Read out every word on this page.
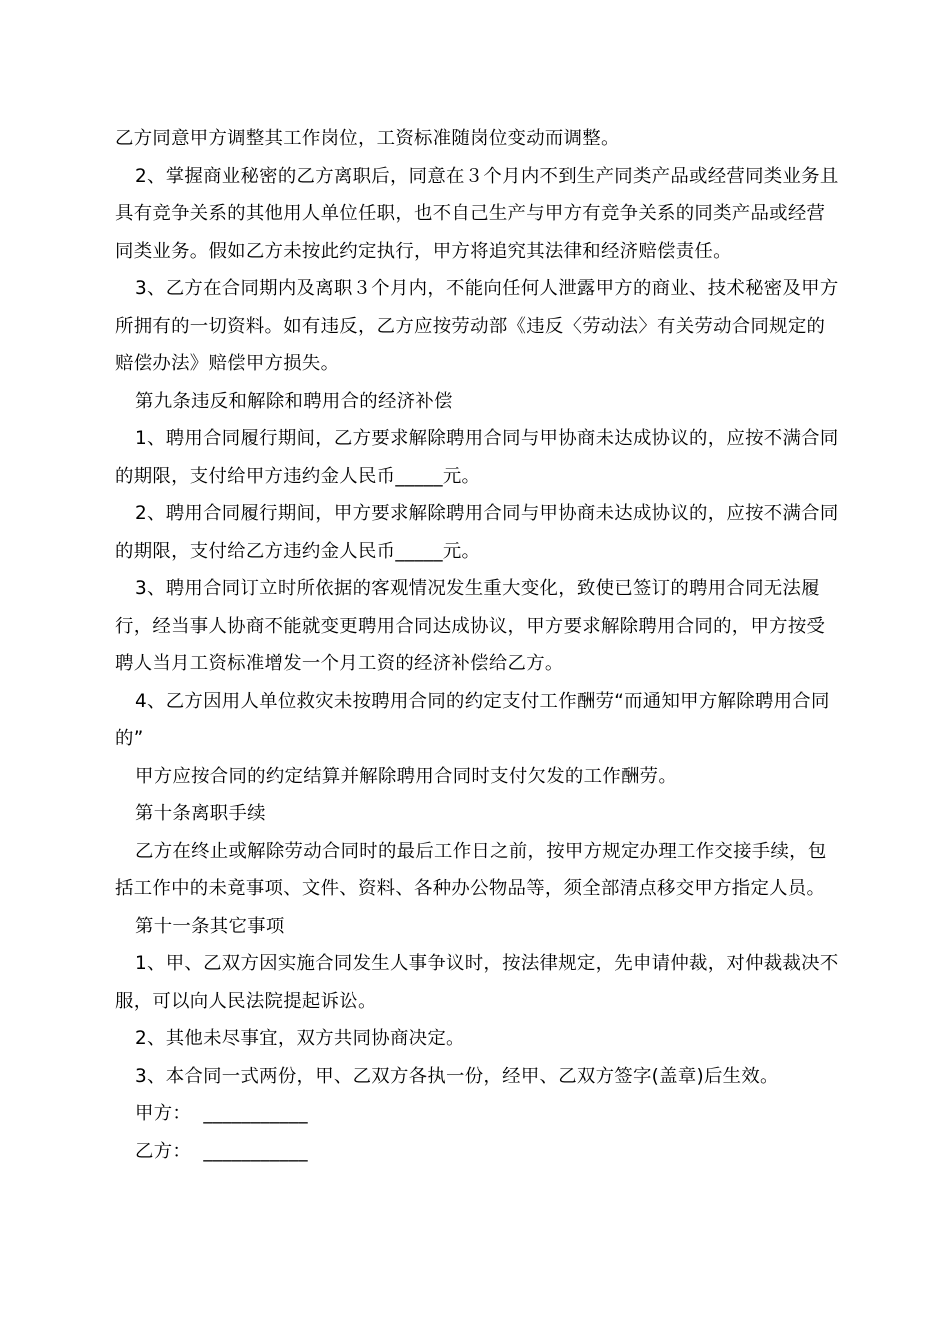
乙方同意甲方调整其工作岗位，工资标准随岗位变动而调整。

2、掌握商业秘密的乙方离职后，同意在３个月内不到生产同类产品或经营同类业务且具有竞争关系的其他用人单位任职，也不自己生产与甲方有竞争关系的同类产品或经营同类业务。假如乙方未按此约定执行，甲方将追究其法律和经济赔偿责任。

3、乙方在合同期内及离职３个月内，不能向任何人泄露甲方的商业、技术秘密及甲方所拥有的一切资料。如有违反，乙方应按劳动部《违反〈劳动法〉有关劳动合同规定的赔偿办法》赔偿甲方损失。

第九条违反和解除和聘用合的经济补偿

1、聘用合同履行期间，乙方要求解除聘用合同与甲协商未达成协议的，应按不满合同的期限，支付给甲方违约金人民币_____元。

2、聘用合同履行期间，甲方要求解除聘用合同与甲协商未达成协议的，应按不满合同的期限，支付给乙方违约金人民币_____元。

3、聘用合同订立时所依据的客观情况发生重大变化，致使已签订的聘用合同无法履行，经当事人协商不能就变更聘用合同达成协议，甲方要求解除聘用合同的，甲方按受聘人当月工资标准增发一个月工资的经济补偿给乙方。

4、乙方因用人单位救灾未按聘用合同的约定支付工作酬劳“而通知甲方解除聘用合同的”

甲方应按合同的约定结算并解除聘用合同时支付欠发的工作酬劳。

第十条离职手续

乙方在终止或解除劳动合同时的最后工作日之前，按甲方规定办理工作交接手续，包括工作中的未竟事项、文件、资料、各种办公物品等，须全部清点移交甲方指定人员。

第十一条其它事项

1、甲、乙双方因实施合同发生人事争议时，按法律规定，先申请仲裁，对仲裁裁决不服，可以向人民法院提起诉讼。

2、其他未尽事宜，双方共同协商决定。

3、本合同一式两份，甲、乙双方各执一份，经甲、乙双方签字(盖章)后生效。

甲方：  ___________

乙方：  ___________
